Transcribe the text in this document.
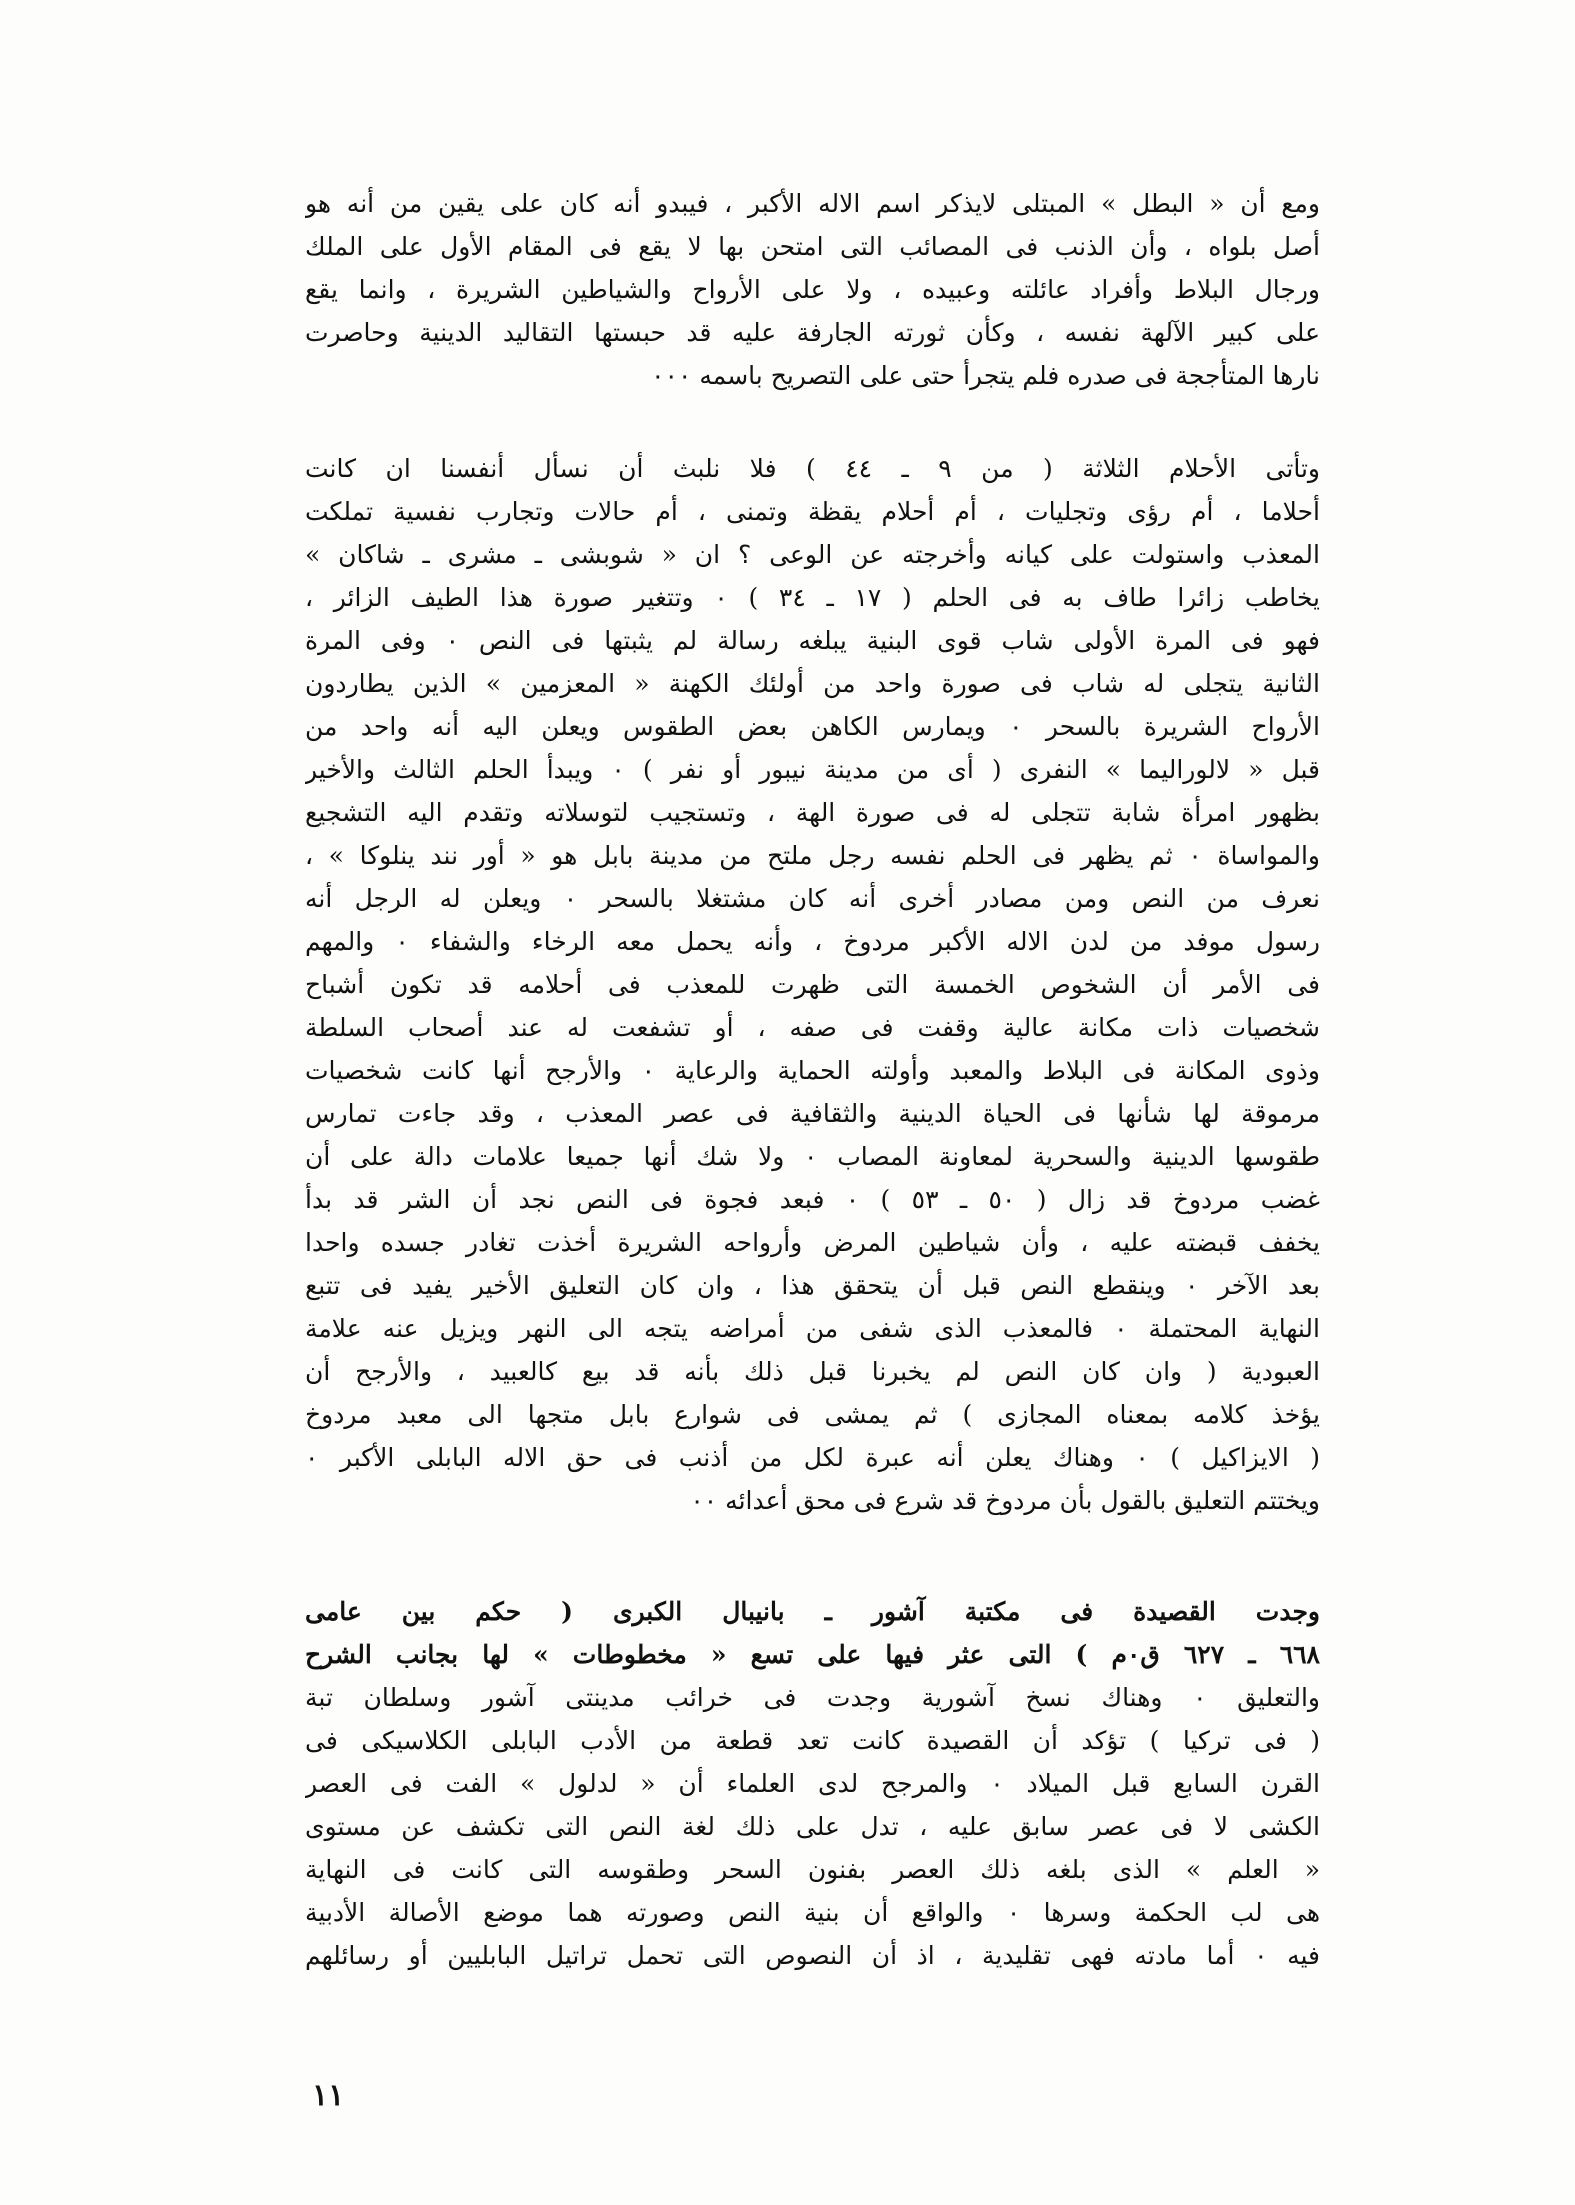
ومع أن « البطل » المبتلى لايذكر اسم الاله الأكبر ، فيبدو أنه كان على يقين من أنه هو
أصل بلواه ، وأن الذنب فى المصائب التى امتحن بها لا يقع فى المقام الأول على الملك
ورجال البلاط وأفراد عائلته وعبيده ، ولا على الأرواح والشياطين الشريرة ، وانما يقع
على كبير الآلهة نفسه ، وكأن ثورته الجارفة عليه قد حبستها التقاليد الدينية وحاصرت
نارها المتأججة فى صدره فلم يتجرأ حتى على التصريح باسمه ٠٠٠
وتأتى الأحلام الثلاثة ( من ٩ ـ ٤٤ ) فلا نلبث أن نسأل أنفسنا ان كانت
أحلاما ، أم رؤى وتجليات ، أم أحلام يقظة وتمنى ، أم حالات وتجارب نفسية تملكت
المعذب واستولت على كيانه وأخرجته عن الوعى ؟ ان « شوبشى ـ مشرى ـ شاكان »
يخاطب زائرا طاف به فى الحلم ( ١٧ ـ ٣٤ ) ٠ وتتغير صورة هذا الطيف الزائر ،
فهو فى المرة الأولى شاب قوى البنية يبلغه رسالة لم يثبتها فى النص ٠ وفى المرة
الثانية يتجلى له شاب فى صورة واحد من أولئك الكهنة « المعزمين » الذين يطاردون
الأرواح الشريرة بالسحر ٠ ويمارس الكاهن بعض الطقوس ويعلن اليه أنه واحد من
قبل « لالوراليما » النفرى ( أى من مدينة نيبور أو نفر ) ٠ ويبدأ الحلم الثالث والأخير
بظهور امرأة شابة تتجلى له فى صورة الهة ، وتستجيب لتوسلاته وتقدم اليه التشجيع
والمواساة ٠ ثم يظهر فى الحلم نفسه رجل ملتح من مدينة بابل هو « أور نند ينلوكا » ،
نعرف من النص ومن مصادر أخرى أنه كان مشتغلا بالسحر ٠ ويعلن له الرجل أنه
رسول موفد من لدن الاله الأكبر مردوخ ، وأنه يحمل معه الرخاء والشفاء ٠ والمهم
فى الأمر أن الشخوص الخمسة التى ظهرت للمعذب فى أحلامه قد تكون أشباح
شخصيات ذات مكانة عالية وقفت فى صفه ، أو تشفعت له عند أصحاب السلطة
وذوى المكانة فى البلاط والمعبد وأولته الحماية والرعاية ٠ والأرجح أنها كانت شخصيات
مرموقة لها شأنها فى الحياة الدينية والثقافية فى عصر المعذب ، وقد جاءت تمارس
طقوسها الدينية والسحرية لمعاونة المصاب ٠ ولا شك أنها جميعا علامات دالة على أن
غضب مردوخ قد زال ( ٥٠ ـ ٥٣ ) ٠ فبعد فجوة فى النص نجد أن الشر قد بدأ
يخفف قبضته عليه ، وأن شياطين المرض وأرواحه الشريرة أخذت تغادر جسده واحدا
بعد الآخر ٠ وينقطع النص قبل أن يتحقق هذا ، وان كان التعليق الأخير يفيد فى تتبع
النهاية المحتملة ٠ فالمعذب الذى شفى من أمراضه يتجه الى النهر ويزيل عنه علامة
العبودية ( وان كان النص لم يخبرنا قبل ذلك بأنه قد بيع كالعبيد ، والأرجح أن
يؤخذ كلامه بمعناه المجازى ) ثم يمشى فى شوارع بابل متجها الى معبد مردوخ
( الايزاكيل ) ٠ وهناك يعلن أنه عبرة لكل من أذنب فى حق الاله البابلى الأكبر ٠
ويختتم التعليق بالقول بأن مردوخ قد شرع فى محق أعدائه ٠٠
وجدت القصيدة فى مكتبة آشور ـ بانيبال الكبرى ( حكم بين عامى
٦٦٨ ـ ٦٢٧ ق٠م ) التى عثر فيها على تسع « مخطوطات » لها بجانب الشرح
والتعليق ٠ وهناك نسخ آشورية وجدت فى خرائب مدينتى آشور وسلطان تبة
( فى تركيا ) تؤكد أن القصيدة كانت تعد قطعة من الأدب البابلى الكلاسيكى فى
القرن السابع قبل الميلاد ٠ والمرجح لدى العلماء أن « لدلول » الفت فى العصر
الكشى لا فى عصر سابق عليه ، تدل على ذلك لغة النص التى تكشف عن مستوى
« العلم » الذى بلغه ذلك العصر بفنون السحر وطقوسه التى كانت فى النهاية
هى لب الحكمة وسرها ٠ والواقع أن بنية النص وصورته هما موضع الأصالة الأدبية
فيه ٠ أما مادته فهى تقليدية ، اذ أن النصوص التى تحمل تراتيل البابليين أو رسائلهم
١١
